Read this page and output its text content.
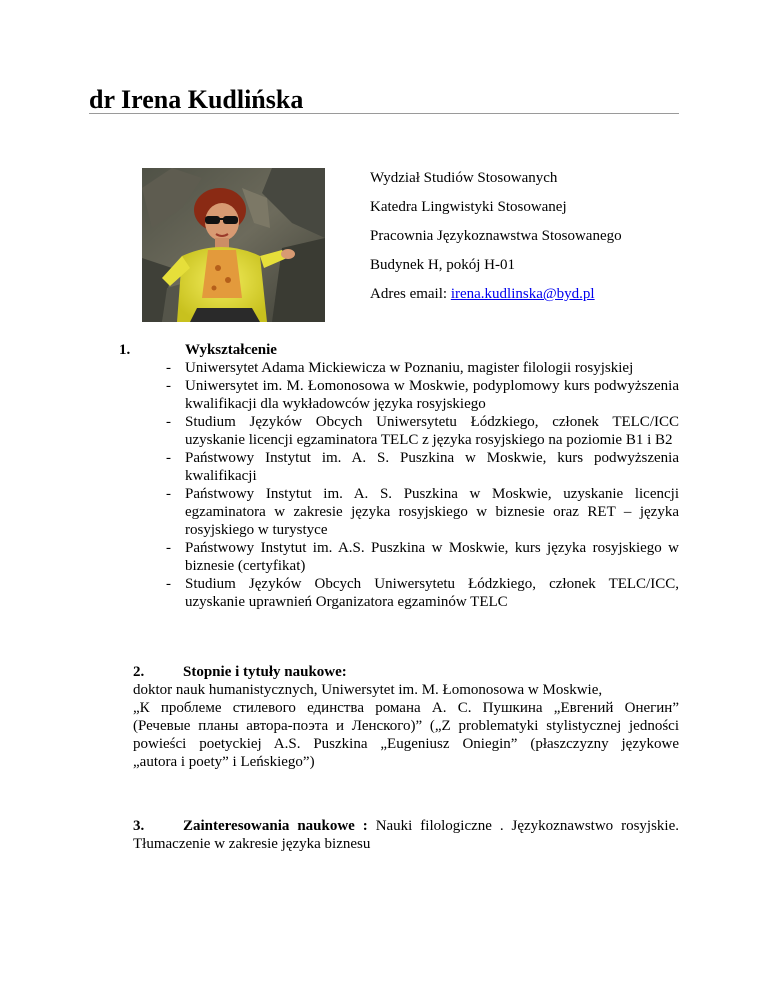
dr Irena Kudlińska
Wydział Studiów Stosowanych
Katedra Lingwistyki Stosowanej
Pracownia Językoznawstwa Stosowanego
Budynek H, pokój H-01
Adres email: irena.kudlinska@byd.pl
1.	Wykształcenie
- Uniwersytet Adama Mickiewicza w Poznaniu, magister filologii rosyjskiej
- Uniwersytet im. M. Łomonosowa w Moskwie, podyplomowy kurs podwyższenia kwalifikacji dla wykładowców języka rosyjskiego
- Studium Języków Obcych Uniwersytetu Łódzkiego, członek TELC/ICC uzyskanie licencji egzaminatora TELC z języka rosyjskiego na poziomie B1 i B2
- Państwowy Instytut im. A. S. Puszkina w Moskwie, kurs podwyższenia kwalifikacji
- Państwowy Instytut im. A. S. Puszkina w Moskwie, uzyskanie licencji egzaminatora w zakresie języka rosyjskiego w biznesie oraz RET – języka rosyjskiego w turystyce
- Państwowy Instytut im. A.S. Puszkina w Moskwie, kurs języka rosyjskiego w biznesie (certyfikat)
- Studium Języków Obcych Uniwersytetu Łódzkiego, członek TELC/ICC, uzyskanie uprawnień Organizatora egzaminów TELC
2.	Stopnie i tytuły naukowe:
doktor nauk humanistycznych, Uniwersytet im. M. Łomonosowa w Moskwie,
„К проблеме стилевого единства романа А. С. Пушкина „Евгений Онегин”
(Речевые планы автора-поэта и Ленского)” („Z problematyki stylistycznej jedności
powieści poetyckiej A.S. Puszkina „Eugeniusz Oniegin” (płaszczyzny językowe
„autora i poety” i Leńskiego”)
3.	Zainteresowania naukowe : Nauki filologiczne . Językoznawstwo rosyjskie.
Tłumaczenie w zakresie języka biznesu
